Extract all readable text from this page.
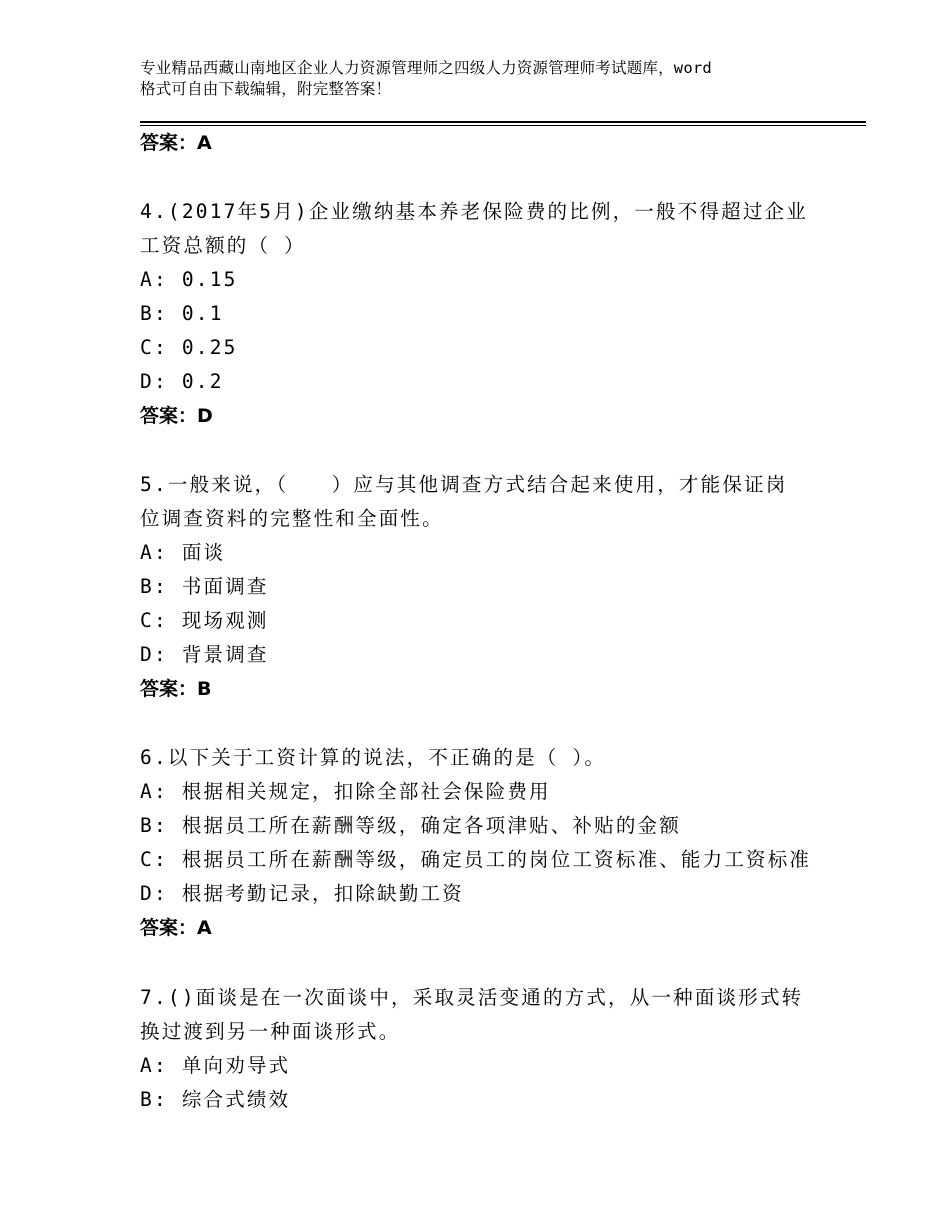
专业精品西藏山南地区企业人力资源管理师之四级人力资源管理师考试题库，word
格式可自由下载编辑，附完整答案！
答案：A
4.(2017年5月)企业缴纳基本养老保险费的比例，一般不得超过企业
工资总额的（ ）
A: 0.15
B: 0.1
C: 0.25
D: 0.2
答案：D
5.一般来说，（　　）应与其他调查方式结合起来使用，才能保证岗
位调查资料的完整性和全面性。
A: 面谈
B: 书面调查
C: 现场观测
D: 背景调查
答案：B
6.以下关于工资计算的说法，不正确的是（ ）。
A: 根据相关规定，扣除全部社会保险费用
B: 根据员工所在薪酬等级，确定各项津贴、补贴的金额
C: 根据员工所在薪酬等级，确定员工的岗位工资标准、能力工资标准
D: 根据考勤记录，扣除缺勤工资
答案：A
7.()面谈是在一次面谈中，采取灵活变通的方式，从一种面谈形式转
换过渡到另一种面谈形式。
A: 单向劝导式
B: 综合式绩效
